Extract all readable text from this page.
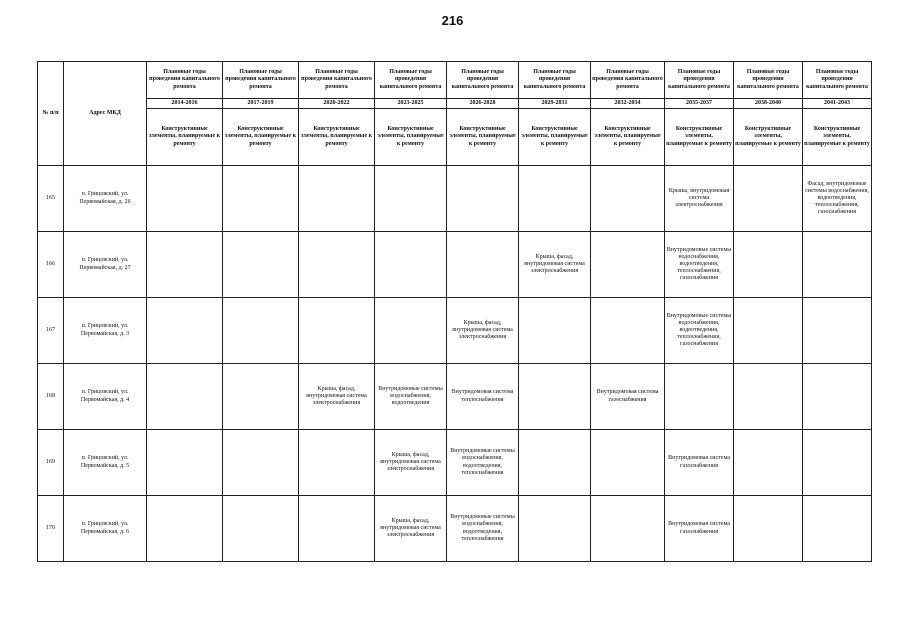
216
№ п/п	Адрес МКД	Плановые годы проведения капитального ремонта	Плановые годы проведения капитального ремонта	Плановые годы проведения капитального ремонта	Плановые годы проведения капитального ремонта	Плановые годы проведения капитального ремонта	Плановые годы проведения капитального ремонта	Плановые годы проведения капитального ремонта	Плановые годы проведения капитального ремонта	Плановые годы проведения капитального ремонта	Плановые годы проведения капитального ремонта
		2014-2016	2017-2019	2020-2022	2023-2025	2026-2028	2029-2031	2032-2034	2035-2037	2038-2040	2041-2043
		Конструктивные элементы, планируемые к ремонту	Конструктивные элементы, планируемые к ремонту	Конструктивные элементы, планируемые к ремонту	Конструктивные элементы, планируемые к ремонту	Конструктивные элементы, планируемые к ремонту	Конструктивные элементы, планируемые к ремонту	Конструктивные элементы, планируемые к ремонту	Конструктивные элементы, планируемые к ремонту	Конструктивные элементы, планируемые к ремонту	Конструктивные элементы, планируемые к ремонту
165	п. Грицовский, ул. Первомайская, д. 26								Крыша, внутридомовая система электроснабжения		Фасад, внутридомовые системы водоснабжения, водоотведения, теплоснабжения, газоснабжения
166	п. Грицовский, ул. Первомайская, д. 27						Крыша, фасад, внутридомовая система электроснабжения		Внутридомовые системы водоснабжения, водоотведения, теплоснабжения, газоснабжения		
167	п. Грицовский, ул. Первомайская, д. 3					Крыша, фасад, внутридомовая система электроснабжения			Внутридомовые системы водоснабжения, водоотведения, теплоснабжения, газоснабжения		
168	п. Грицовский, ул. Первомайская, д. 4			Крыша, фасад, внутридомовая система электроснабжения	Внутридомовые системы водоснабжения, водоотведения	Внутридомовая система теплоснабжения		Внутридомовая система газоснабжения			
169	п. Грицовский, ул. Первомайская, д. 5				Крыша, фасад, внутридомовая система электроснабжения	Внутридомовые системы водоснабжения, водоотведения, теплоснабжения			Внутридомовая система газоснабжения		
170	п. Грицовский, ул. Первомайская, д. 6				Крыша, фасад, внутридомовая система электроснабжения	Внутридомовые системы водоснабжения, водоотведения, теплоснабжения			Внутридомовая система газоснабжения		
